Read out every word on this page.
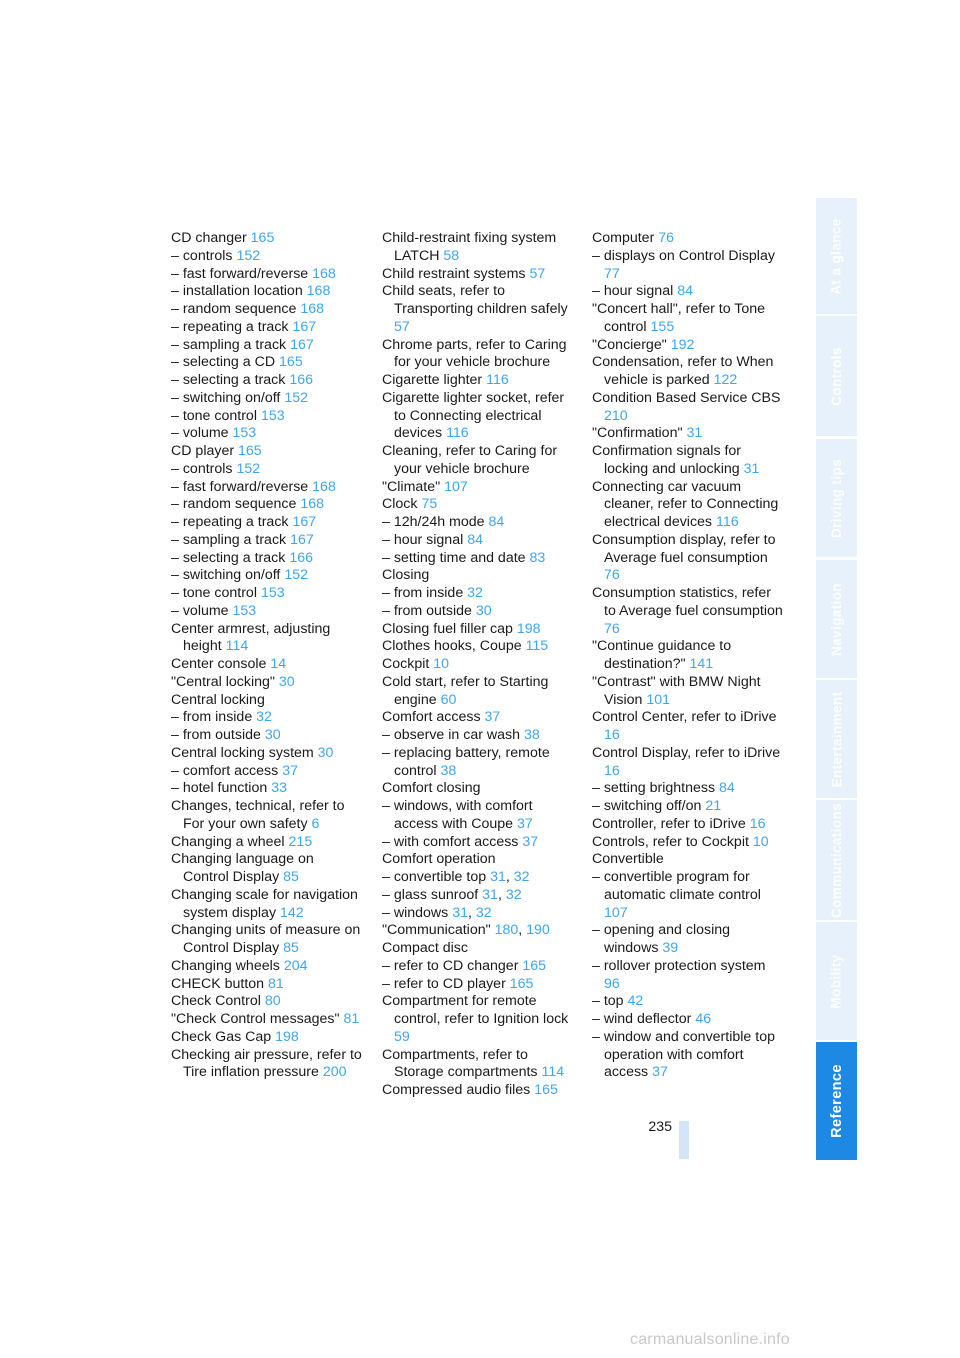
CD changer 165
– controls 152
– fast forward/reverse 168
– installation location 168
– random sequence 168
– repeating a track 167
– sampling a track 167
– selecting a CD 165
– selecting a track 166
– switching on/off 152
– tone control 153
– volume 153
CD player 165
– controls 152
– fast forward/reverse 168
– random sequence 168
– repeating a track 167
– sampling a track 167
– selecting a track 166
– switching on/off 152
– tone control 153
– volume 153
Center armrest, adjusting height 114
Center console 14
"Central locking" 30
Central locking
– from inside 32
– from outside 30
Central locking system 30
– comfort access 37
– hotel function 33
Changes, technical, refer to For your own safety 6
Changing a wheel 215
Changing language on Control Display 85
Changing scale for navigation system display 142
Changing units of measure on Control Display 85
Changing wheels 204
CHECK button 81
Check Control 80
"Check Control messages" 81
Check Gas Cap 198
Checking air pressure, refer to Tire inflation pressure 200
Child-restraint fixing system LATCH 58
Child restraint systems 57
Child seats, refer to Transporting children safely 57
Chrome parts, refer to Caring for your vehicle brochure
Cigarette lighter 116
Cigarette lighter socket, refer to Connecting electrical devices 116
Cleaning, refer to Caring for your vehicle brochure
"Climate" 107
Clock 75
– 12h/24h mode 84
– hour signal 84
– setting time and date 83
Closing
– from inside 32
– from outside 30
Closing fuel filler cap 198
Clothes hooks, Coupe 115
Cockpit 10
Cold start, refer to Starting engine 60
Comfort access 37
– observe in car wash 38
– replacing battery, remote control 38
Comfort closing
– windows, with comfort access with Coupe 37
– with comfort access 37
Comfort operation
– convertible top 31, 32
– glass sunroof 31, 32
– windows 31, 32
"Communication" 180, 190
Compact disc
– refer to CD changer 165
– refer to CD player 165
Compartment for remote control, refer to Ignition lock 59
Compartments, refer to Storage compartments 114
Compressed audio files 165
Computer 76
– displays on Control Display 77
– hour signal 84
"Concert hall", refer to Tone control 155
"Concierge" 192
Condensation, refer to When vehicle is parked 122
Condition Based Service CBS 210
"Confirmation" 31
Confirmation signals for locking and unlocking 31
Connecting car vacuum cleaner, refer to Connecting electrical devices 116
Consumption display, refer to Average fuel consumption 76
Consumption statistics, refer to Average fuel consumption 76
"Continue guidance to destination?" 141
"Contrast" with BMW Night Vision 101
Control Center, refer to iDrive 16
Control Display, refer to iDrive 16
– setting brightness 84
– switching off/on 21
Controller, refer to iDrive 16
Controls, refer to Cockpit 10
Convertible
– convertible program for automatic climate control 107
– opening and closing windows 39
– rollover protection system 96
– top 42
– wind deflector 46
– window and convertible top operation with comfort access 37
At a glance
Controls
Driving tips
Navigation
Entertainment
Communications
Mobility
Reference
235
carmanualsonline.info
